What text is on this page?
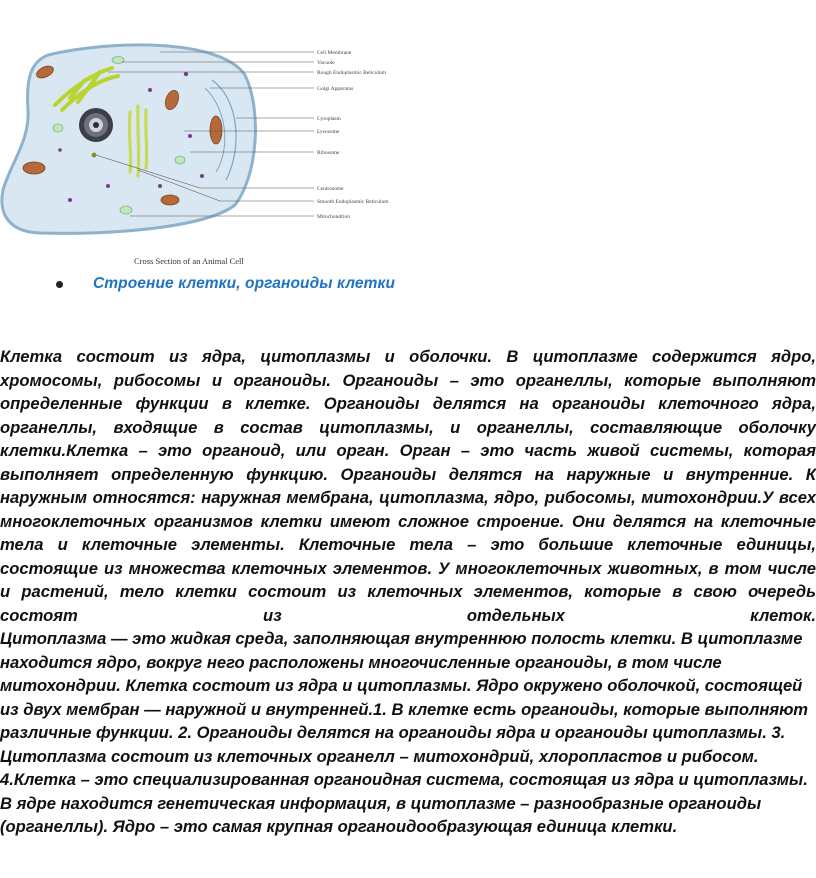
Cell Membrane
Vacuole
Rough Endoplasmic Reticulum
Golgi Apparatus
Cytoplasm
Lysosome
Ribosome
Centrosome
Smooth Endoplasmic Reticulum
Mitochondrion
Cross Section of an Animal Cell
Строение клетки, органоиды клетки

Клетка состоит из ядра, цитоплазмы и оболочки. В цитоплазме содержится ядро, хромосомы, рибосомы и органоиды. Органоиды – это органеллы, которые выполняют определенные функции в клетке. Органоиды делятся на органоиды клеточного ядра, органеллы, входящие в состав цитоплазмы, и органеллы, составляющие оболочку клетки.Клетка – это органоид, или орган. Орган – это часть живой системы, которая выполняет определенную функцию. Органоиды делятся на наружные и внутренние. К наружным относятся: наружная мембрана, цитоплазма, ядро, рибосомы, митохондрии.У всех многоклеточных организмов клетки имеют сложное строение. Они делятся на клеточные тела и клеточные элементы. Клеточные тела – это большие клеточные единицы, состоящие из множества клеточных элементов. У многоклеточных животных, в том числе и растений, тело клетки состоит из клеточных элементов, которые в свою очередь состоят из отдельных клеток.

Цитоплазма — это жидкая среда, заполняющая внутреннюю полость клетки. В цитоплазме находится ядро, вокруг него расположены многочисленные органоиды, в том числе митохондрии. Клетка состоит из ядра и цитоплазмы. Ядро окружено оболочкой, состоящей из двух мембран — наружной и внутренней.1. В клетке есть органоиды, которые выполняют различные функции. 2. Органоиды делятся на органоиды ядра и органоиды цитоплазмы. 3. Цитоплазма состоит из клеточных органелл – митохондрий, хлоропластов и рибосом. 4.Клетка – это специализированная органоидная система, состоящая из ядра и цитоплазмы. В ядре находится генетическая информация, в цитоплазме – разнообразные органоиды (органеллы). Ядро – это самая крупная органоидообразующая единица клетки.
